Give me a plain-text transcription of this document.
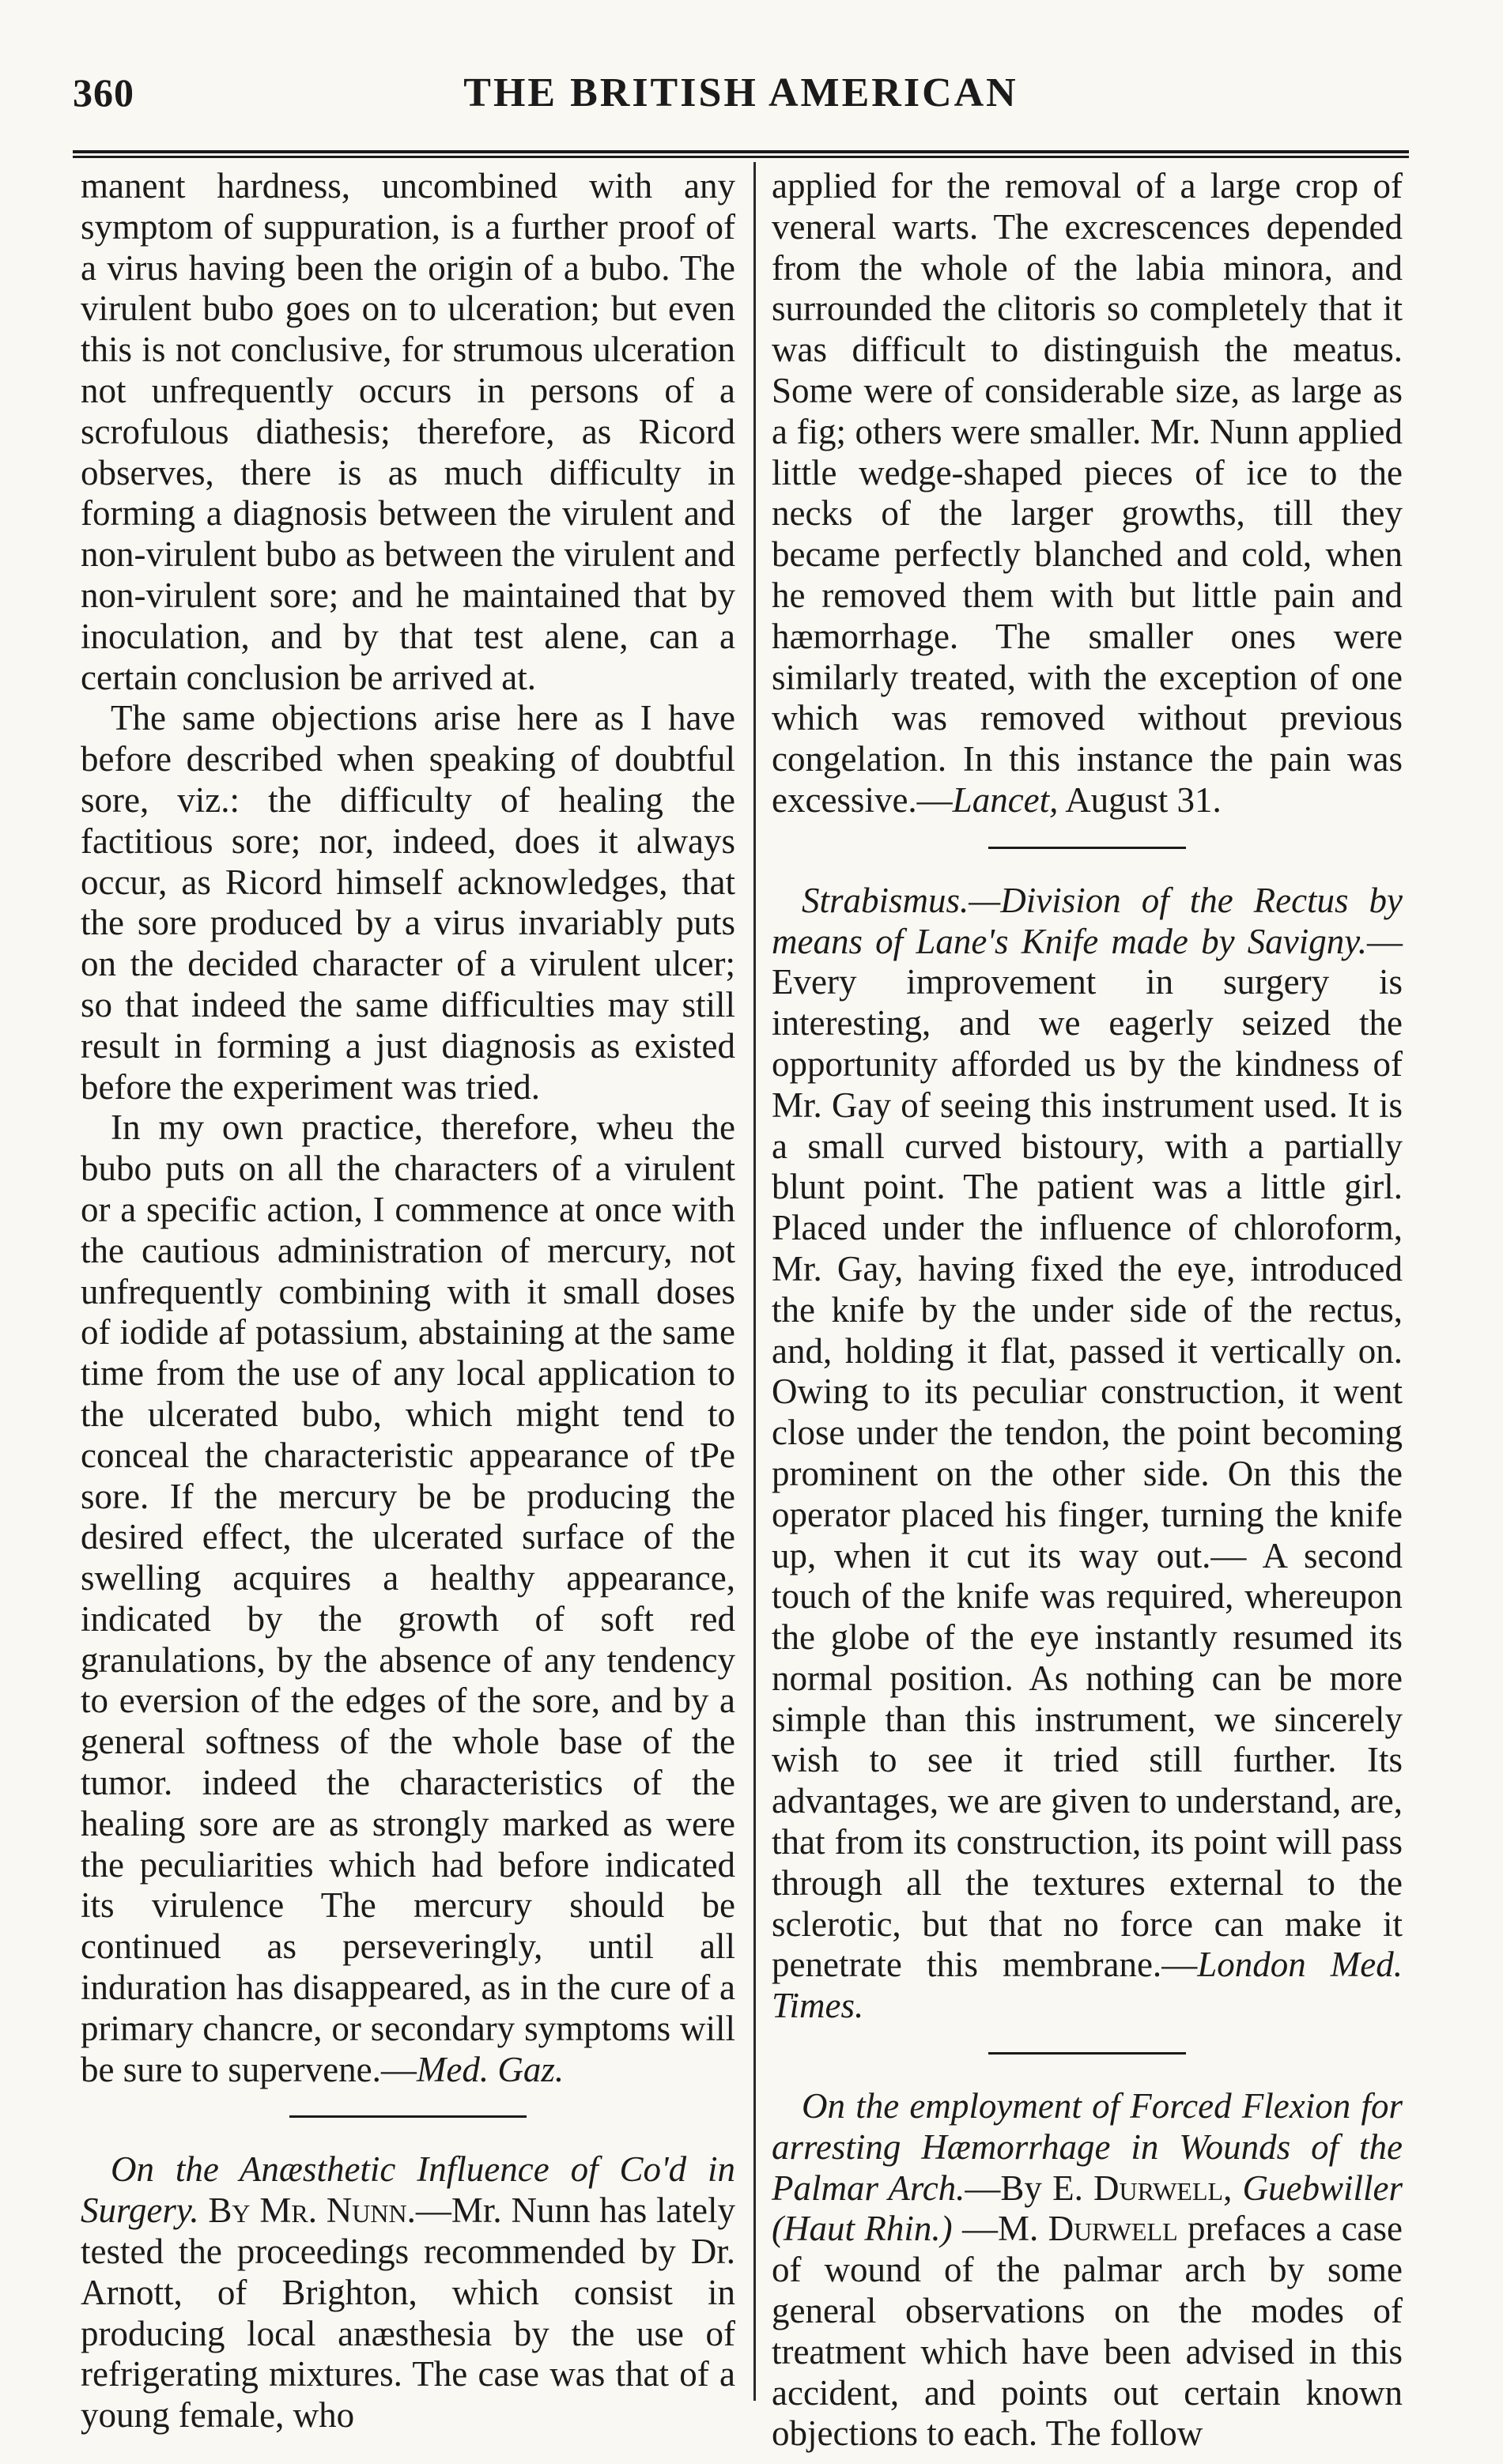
360	THE BRITISH AMERICAN

manent hardness, uncombined with any symptom of suppuration, is a further proof of a virus having been the origin of a bubo. The virulent bubo goes on to ulceration; but even this is not conclusive, for strumous ulceration not unfrequently occurs in persons of a scrofulous diathesis; therefore, as Ricord observes, there is as much difficulty in forming a diagnosis between the virulent and non-virulent bubo as between the virulent and non-virulent sore; and he maintained that by inoculation, and by that test alene, can a certain conclusion be arrived at.

The same objections arise here as I have before described when speaking of doubtful sore, viz.: the difficulty of healing the factitious sore; nor, indeed, does it always occur, as Ricord himself acknowledges, that the sore produced by a virus invariably puts on the decided character of a virulent ulcer; so that indeed the same difficulties may still result in forming a just diagnosis as existed before the experiment was tried.

In my own practice, therefore, wheu the bubo puts on all the characters of a virulent or a specific action, I commence at once with the cautious administration of mercury, not unfrequently combining with it small doses of iodide af potassium, abstaining at the same time from the use of any local application to the ulcerated bubo, which might tend to conceal the characteristic appearance of tPe sore. If the mercury be be producing the desired effect, the ulcerated surface of the swelling acquires a healthy appearance, indicated by the growth of soft red granulations, by the absence of any tendency to eversion of the edges of the sore, and by a general softness of the whole base of the tumor. indeed the characteristics of the healing sore are as strongly marked as were the peculiarities which had before indicated its virulence The mercury should be continued as perseveringly, until all induration has disappeared, as in the cure of a primary chancre, or secondary symptoms will be sure to supervene.—Med. Gaz.

On the Anæsthetic Influence of Co'd in Surgery. By Mr. Nunn.—Mr. Nunn has lately tested the proceedings recommended by Dr. Arnott, of Brighton, which consist in producing local anæsthesia by the use of refrigerating mixtures. The case was that of a young female, who

applied for the removal of a large crop of veneral warts. The excrescences depended from the whole of the labia minora, and surrounded the clitoris so completely that it was difficult to distinguish the meatus. Some were of considerable size, as large as a fig; others were smaller. Mr. Nunn applied little wedge-shaped pieces of ice to the necks of the larger growths, till they became perfectly blanched and cold, when he removed them with but little pain and hæmorrhage. The smaller ones were similarly treated, with the exception of one which was removed without previous congelation. In this instance the pain was excessive.—Lancet, August 31.

Strabismus.—Division of the Rectus by means of Lane's Knife made by Savigny.—Every improvement in surgery is interesting, and we eagerly seized the opportunity afforded us by the kindness of Mr. Gay of seeing this instrument used. It is a small curved bistoury, with a partially blunt point. The patient was a little girl. Placed under the influence of chloroform, Mr. Gay, having fixed the eye, introduced the knife by the under side of the rectus, and, holding it flat, passed it vertically on. Owing to its peculiar construction, it went close under the tendon, the point becoming prominent on the other side. On this the operator placed his finger, turning the knife up, when it cut its way out.— A second touch of the knife was required, whereupon the globe of the eye instantly resumed its normal position. As nothing can be more simple than this instrument, we sincerely wish to see it tried still further. Its advantages, we are given to understand, are, that from its construction, its point will pass through all the textures external to the sclerotic, but that no force can make it penetrate this membrane.—London Med. Times.

On the employment of Forced Flexion for arresting Hæmorrhage in Wounds of the Palmar Arch.—By E. Durwell, Guebwiller (Haut Rhin.) —M. Durwell prefaces a case of wound of the palmar arch by some general observations on the modes of treatment which have been advised in this accident, and points out certain known objections to each. The follow
